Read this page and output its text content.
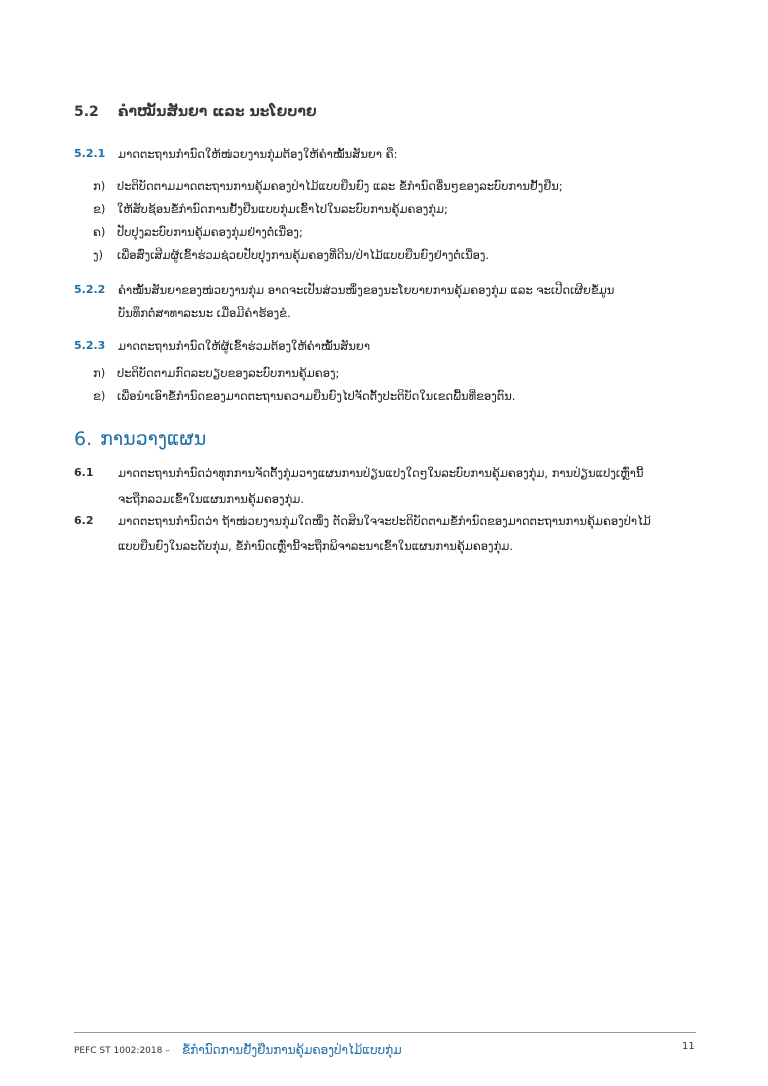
5.2 ຄໍາໝັ້ນສັນຍາ ແລະ ນະໂຍບາຍ
5.2.1	ມາດຕະຖານກໍານົດໃຫ້ໜ່ວຍງານກຸ່ມຕ້ອງໃຫ້ຄໍາໝັ້ນສັນຍາ ຄື:
ກ) ປະຕິບັດຕາມມາດຕະຖານການຄຸ້ມຄອງປ່າໄມ້ແບບຍືນຍົງ ແລະ ຂໍ້ກໍານົດອື່ນໆຂອງລະບົບການຢັ້ງຢືນ;
ຂ) ໃຫ້ສັບຊ້ອນຂໍ້ກໍານົດການຢັ້ງຢືນແບບກຸ່ມເຂົ້າໄປໃນລະບົບການຄຸ້ມຄອງກຸ່ມ;
ຄ) ປັບປຸງລະບົບການຄຸ້ມຄອງກຸ່ມຢ່າງຕໍ່ເນື່ອງ;
ງ) ເພື່ອສົ່ງເສີມຜູ້ເຂົ້າຮ່ວມຊ່ວຍປັບປຸງການຄຸ້ມຄອງທີ່ດີນ/ປ່າໄມ້ແບບຍືນຍົງຢ່າງຕໍ່ເນື່ອງ.
5.2.2	ຄໍາໝັ້ນສັນຍາຂອງໜ່ວຍງານກຸ່ມ ອາດຈະເປັນສ່ວນໜຶ່ງຂອງນະໂຍບາຍການຄຸ້ມຄອງກຸ່ມ ແລະ ຈະເປີດເຜີຍຂໍ້ມູນ
ບັນທຶກຕໍ່ສາທາລະນະ ເມື່ອມີຄໍາຮ້ອງຂໍ.
5.2.3	ມາດຕະຖານກໍານົດໃຫ້ຜູ້ເຂົ້າຮ່ວມຕ້ອງໃຫ້ຄໍາໝັ້ນສັນຍາ
ກ) ປະຕິບັດຕາມກົດລະບຽບຂອງລະບົບການຄຸ້ມຄອງ;
ຂ) ເພື່ອນໍາເອົາຂໍ້ກໍານົດຂອງມາດຕະຖານຄວາມຍືນຍົງໄປຈັດຕັ້ງປະຕິບັດໃນເຂດພື້ນທີ່ຂອງຕົນ.
6. ການວາງແຜນ
6.1	ມາດຕະຖານກໍານົດວ່າທຸກການຈັດຕັ້ງກຸ່ມວາງແຜນການປ່ຽນແປງໃດໆໃນລະບົບການຄຸ້ມຄອງກຸ່ມ, ການປ່ຽນແປງເຫຼົ່ານີ້
ຈະຖືກລວມເຂົ້າໃນແຜນການຄຸ້ມຄອງກຸ່ມ.
6.2	ມາດຕະຖານກໍານົດວ່າ ຖ້າໜ່ວຍງານກຸ່ມໃດໜຶ່ງ ຕັດສິນໃຈຈະປະຕິບັດຕາມຂໍ້ກໍານົດຂອງມາດຕະຖານການຄຸ້ມຄອງປ່າໄມ້
ແບບຍືນຍົງໃນລະດັບກຸ່ມ, ຂໍ້ກໍານົດເຫຼົ່ານີ້ຈະຖືກພິຈາລະນາເຂົ້າໃນແຜນການຄຸ້ມຄອງກຸ່ມ.
PEFC ST 1002:2018 – ຂໍ້ກໍານົດການຢັ້ງຢືນການຄຸ້ມຄອງປ່າໄມ້ແບບກຸ່ມ	11
